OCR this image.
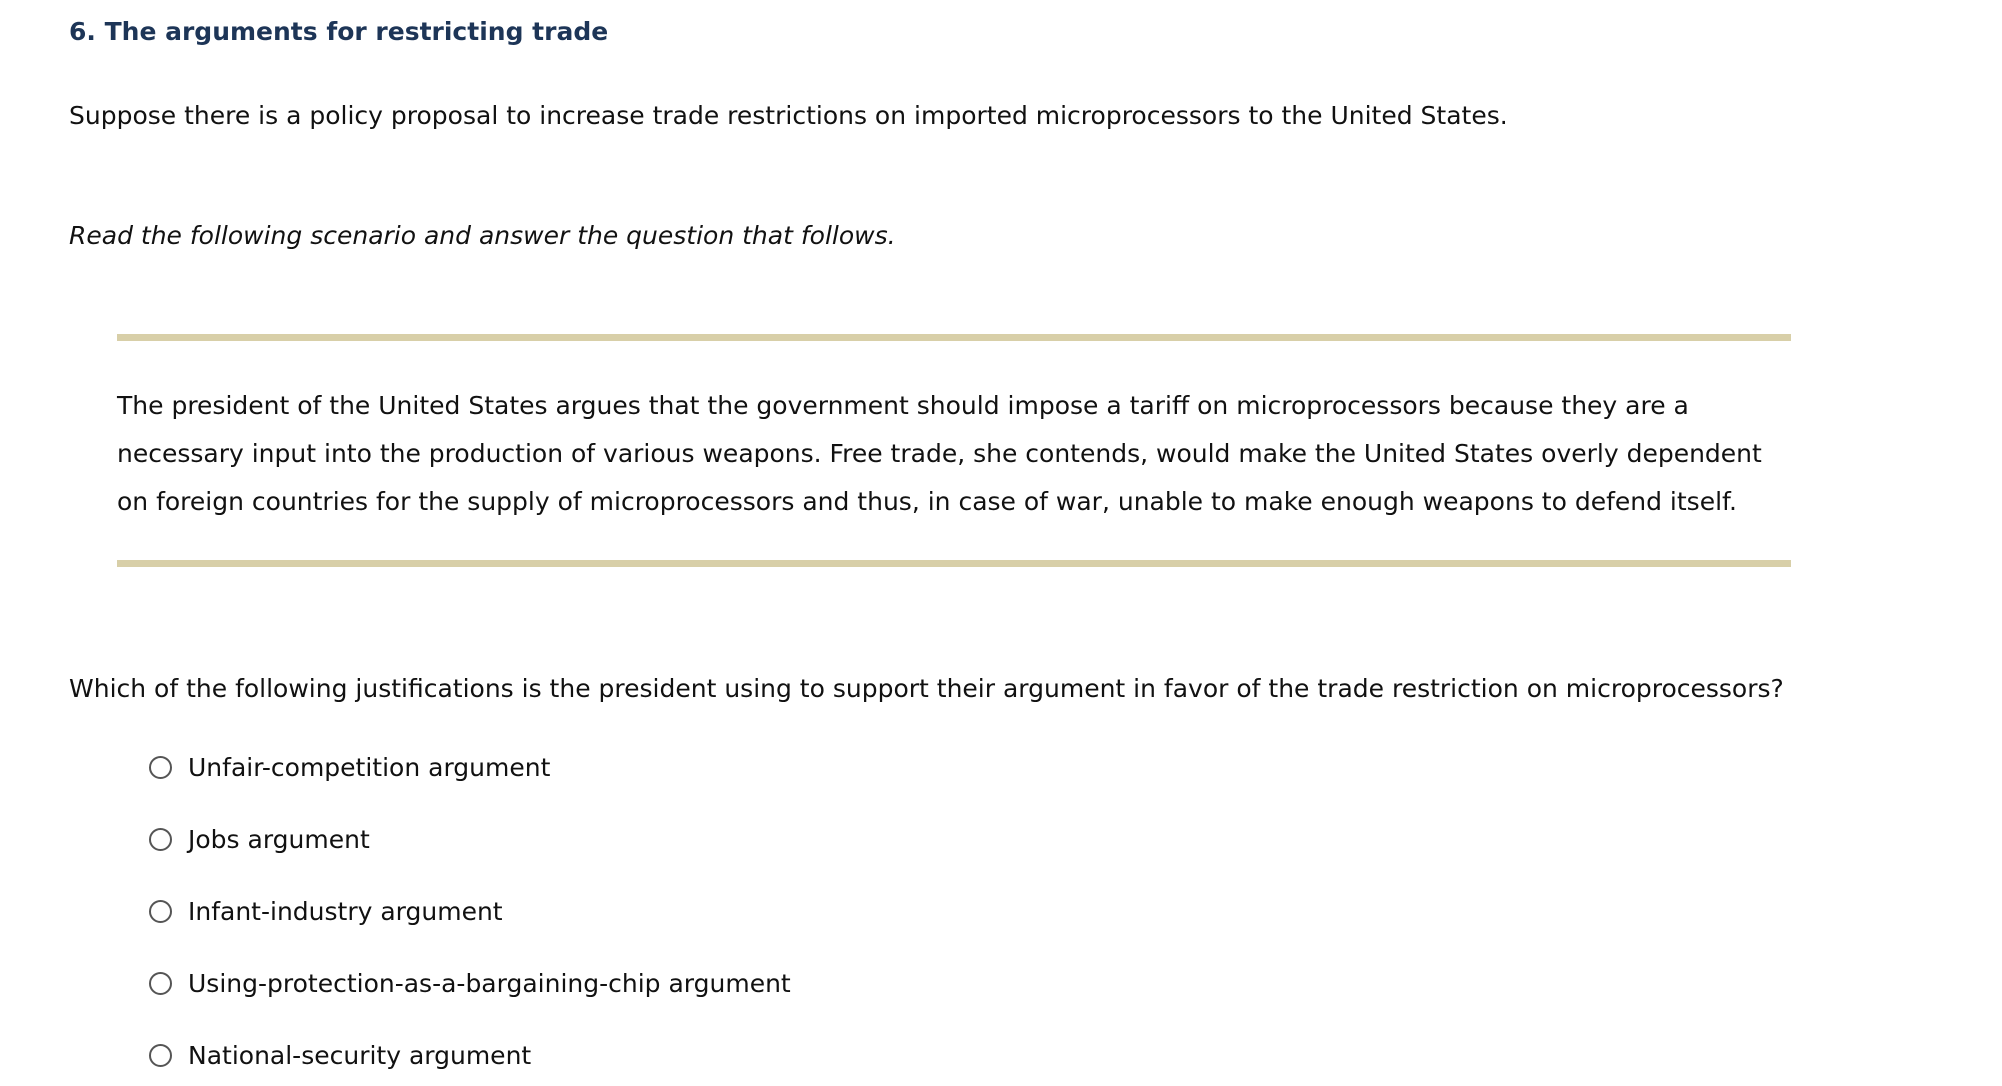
6. The arguments for restricting trade
Suppose there is a policy proposal to increase trade restrictions on imported microprocessors to the United States.
Read the following scenario and answer the question that follows.
The president of the United States argues that the government should impose a tariff on microprocessors because they are a necessary input into the production of various weapons. Free trade, she contends, would make the United States overly dependent on foreign countries for the supply of microprocessors and thus, in case of war, unable to make enough weapons to defend itself.
Which of the following justifications is the president using to support their argument in favor of the trade restriction on microprocessors?
Unfair-competition argument
Jobs argument
Infant-industry argument
Using-protection-as-a-bargaining-chip argument
National-security argument
